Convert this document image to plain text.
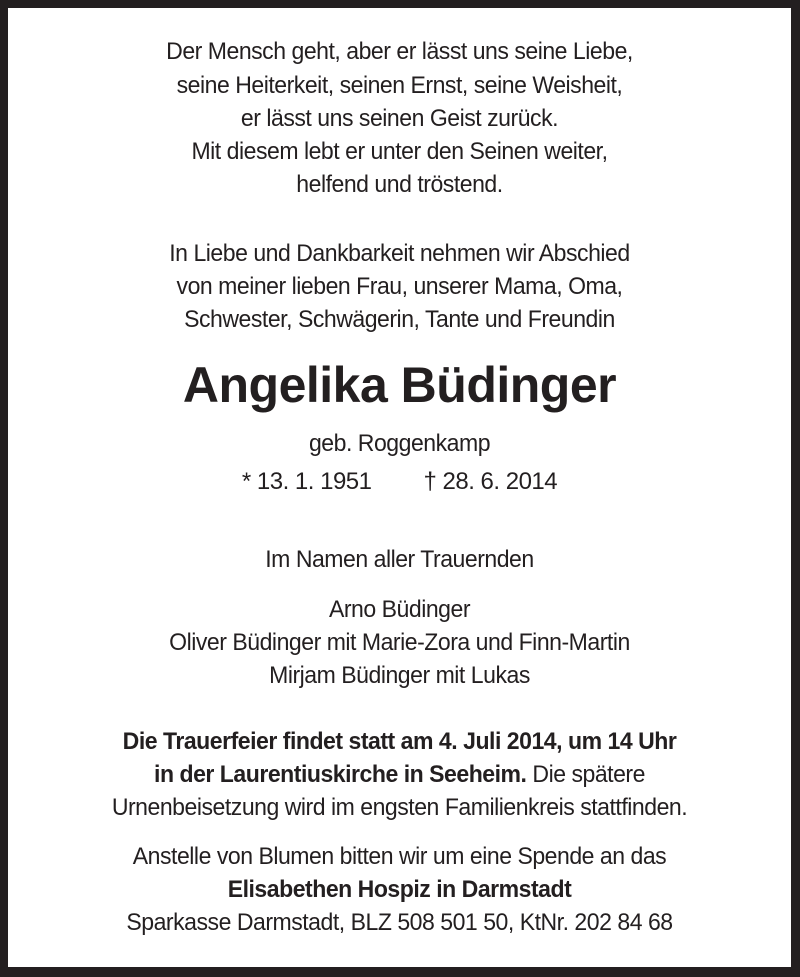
Der Mensch geht, aber er lässt uns seine Liebe,
seine Heiterkeit, seinen Ernst, seine Weisheit,
er lässt uns seinen Geist zurück.
Mit diesem lebt er unter den Seinen weiter,
helfend und tröstend.
In Liebe und Dankbarkeit nehmen wir Abschied
von meiner lieben Frau, unserer Mama, Oma,
Schwester, Schwägerin, Tante und Freundin
Angelika Büdinger
geb. Roggenkamp
* 13. 1. 1951 † 28. 6. 2014
Im Namen aller Trauernden
Arno Büdinger
Oliver Büdinger mit Marie-Zora und Finn-Martin
Mirjam Büdinger mit Lukas
Die Trauerfeier findet statt am 4. Juli 2014, um 14 Uhr
in der Laurentiuskirche in Seeheim. Die spätere
Urnenbeisetzung wird im engsten Familienkreis stattfinden.
Anstelle von Blumen bitten wir um eine Spende an das
Elisabethen Hospiz in Darmstadt
Sparkasse Darmstadt, BLZ 508 501 50, KtNr. 202 84 68
